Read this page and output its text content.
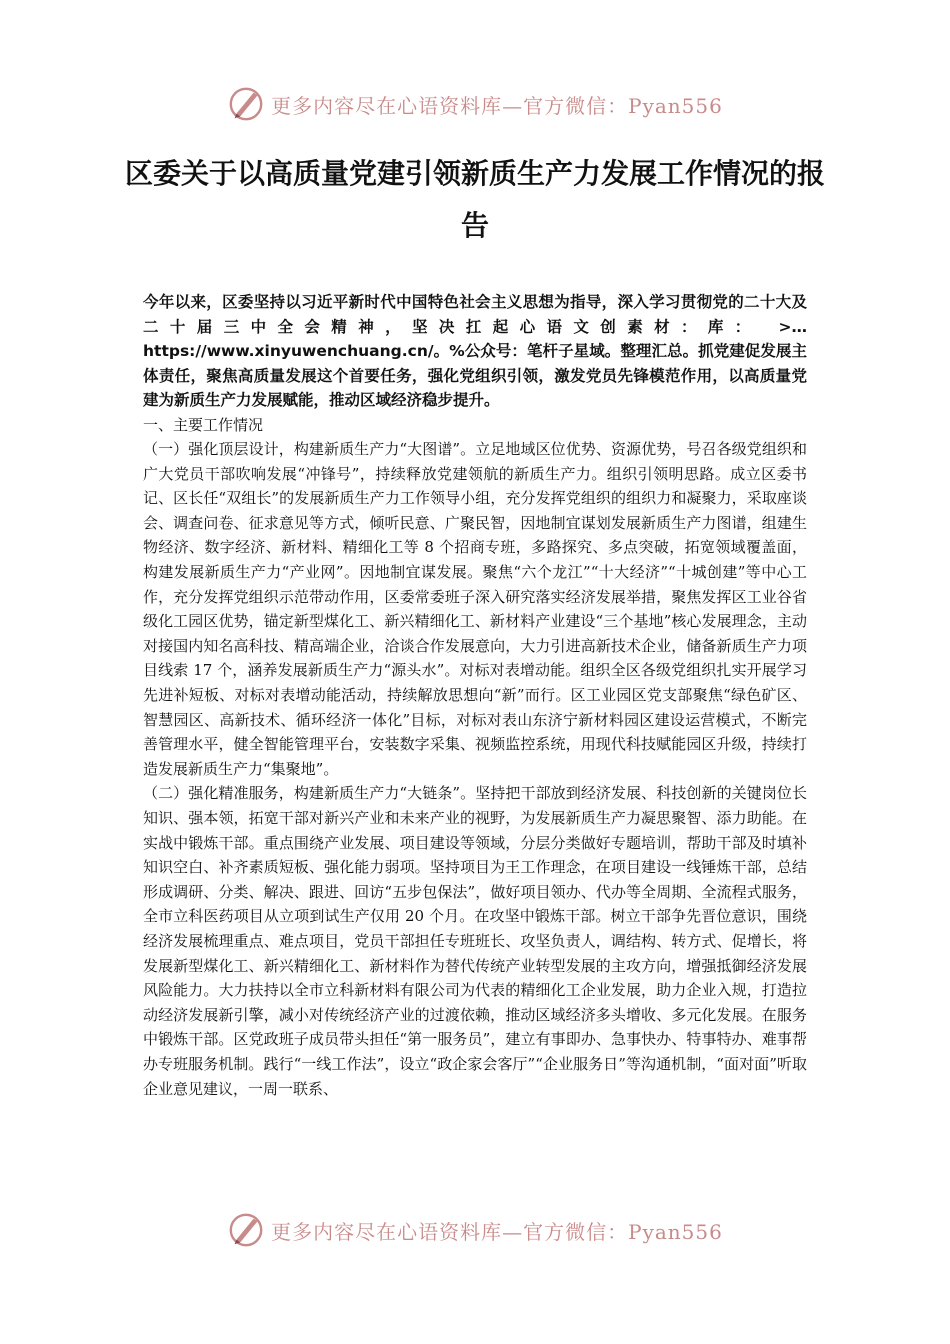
更多内容尽在心语资料库—官方微信：Pyan556
区委关于以高质量党建引领新质生产力发展工作情况的报告

今年以来，区委坚持以习近平新时代中国特色社会主义思想为指导，深入学习贯彻党的二十大及二十届三中全会精神，坚决扛起心语文创素材：库： >…https://www.xinyuwenchuang.cn/。%公众号：笔杆子星域。整理汇总。抓党建促发展主体责任，聚焦高质量发展这个首要任务，强化党组织引领，激发党员先锋模范作用，以高质量党建为新质生产力发展赋能，推动区域经济稳步提升。

一、主要工作情况

（一）强化顶层设计，构建新质生产力“大图谱”。立足地域区位优势、资源优势，号召各级党组织和广大党员干部吹响发展“冲锋号”，持续释放党建领航的新质生产力。组织引领明思路。成立区委书记、区长任“双组长”的发展新质生产力工作领导小组，充分发挥党组织的组织力和凝聚力，采取座谈会、调查问卷、征求意见等方式，倾听民意、广聚民智，因地制宜谋划发展新质生产力图谱，组建生物经济、数字经济、新材料、精细化工等 8 个招商专班，多路探究、多点突破，拓宽领域覆盖面，构建发展新质生产力“产业网”。因地制宜谋发展。聚焦“六个龙江”“十大经济”“十城创建”等中心工作，充分发挥党组织示范带动作用，区委常委班子深入研究落实经济发展举措，聚焦发挥区工业谷省级化工园区优势，锚定新型煤化工、新兴精细化工、新材料产业建设“三个基地”核心发展理念，主动对接国内知名高科技、精高端企业，洽谈合作发展意向，大力引进高新技术企业，储备新质生产力项目线索 17 个，涵养发展新质生产力“源头水”。对标对表增动能。组织全区各级党组织扎实开展学习先进补短板、对标对表增动能活动，持续解放思想向“新”而行。区工业园区党支部聚焦“绿色矿区、智慧园区、高新技术、循环经济一体化”目标，对标对表山东济宁新材料园区建设运营模式，不断完善管理水平，健全智能管理平台，安装数字采集、视频监控系统，用现代科技赋能园区升级，持续打造发展新质生产力“集聚地”。

（二）强化精准服务，构建新质生产力“大链条”。坚持把干部放到经济发展、科技创新的关键岗位长知识、强本领，拓宽干部对新兴产业和未来产业的视野，为发展新质生产力凝思聚智、添力助能。在实战中锻炼干部。重点围绕产业发展、项目建设等领域，分层分类做好专题培训，帮助干部及时填补知识空白、补齐素质短板、强化能力弱项。坚持项目为王工作理念，在项目建设一线锤炼干部，总结形成调研、分类、解决、跟进、回访“五步包保法”，做好项目领办、代办等全周期、全流程式服务，全市立科医药项目从立项到试生产仅用 20 个月。在攻坚中锻炼干部。树立干部争先晋位意识，围绕经济发展梳理重点、难点项目，党员干部担任专班班长、攻坚负责人，调结构、转方式、促增长，将发展新型煤化工、新兴精细化工、新材料作为替代传统产业转型发展的主攻方向，增强抵御经济发展风险能力。大力扶持以全市立科新材料有限公司为代表的精细化工企业发展，助力企业入规，打造拉动经济发展新引擎，减小对传统经济产业的过渡依赖，推动区域经济多头增收、多元化发展。在服务中锻炼干部。区党政班子成员带头担任“第一服务员”，建立有事即办、急事快办、特事特办、难事帮办专班服务机制。践行“一线工作法”，设立“政企家会客厅”“企业服务日”等沟通机制，“面对面”听取企业意见建议，一周一联系、

更多内容尽在心语资料库—官方微信：Pyan556
